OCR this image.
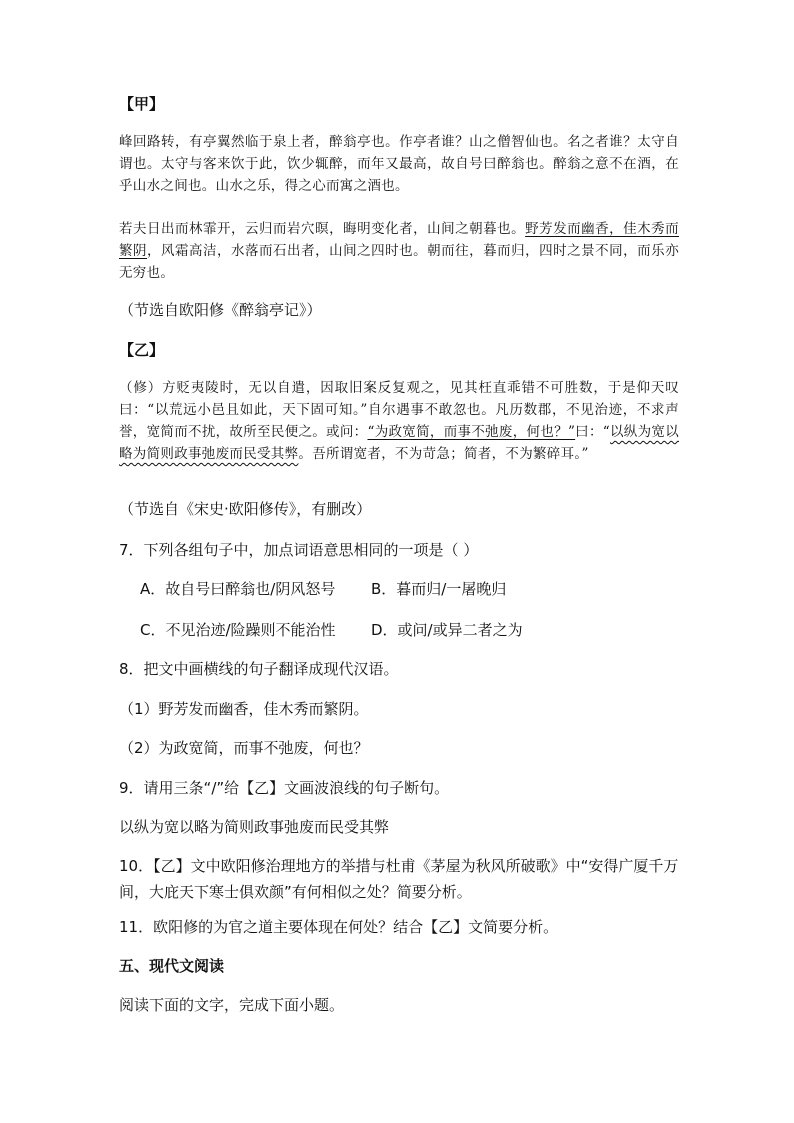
【甲】

峰回路转，有亭翼然临于泉上者，醉翁亭也。作亭者谁？山之僧智仙也。名之者谁？太守自谓也。太守与客来饮于此，饮少辄醉，而年又最高，故自号曰醉翁也。醉翁之意不在酒，在乎山水之间也。山水之乐，得之心而寓之酒也。

若夫日出而林霏开，云归而岩穴暝，晦明变化者，山间之朝暮也。野芳发而幽香，佳木秀而繁阴，风霜高洁，水落而石出者，山间之四时也。朝而往，暮而归，四时之景不同，而乐亦无穷也。

（节选自欧阳修《醉翁亭记》）
【乙】

（修）方贬夷陵时，无以自遣，因取旧案反复观之，见其枉直乖错不可胜数，于是仰天叹曰：“以荒远小邑且如此，天下固可知。”自尔遇事不敢忽也。凡历数郡，不见治迹，不求声誉，宽简而不扰，故所至民便之。或问：“为政宽简，而事不弛废，何也？”曰：“以纵为宽以略为简则政事弛废而民受其弊。吾所谓宽者，不为苛急；简者，不为繁碎耳。”

（节选自《宋史·欧阳修传》，有删改）
7．下列各组句子中，加点词语意思相同的一项是（ ）
A．故自号曰醉翁也/阴风怒号 B．暮而归/一屠晚归
C．不见治迹/险躁则不能治性 D．或问/或异二者之为
8．把文中画横线的句子翻译成现代汉语。
（1）野芳发而幽香，佳木秀而繁阴。
（2）为政宽简，而事不弛废，何也？
9．请用三条“/”给【乙】文画波浪线的句子断句。
以纵为宽以略为简则政事弛废而民受其弊
10．【乙】文中欧阳修治理地方的举措与杜甫《茅屋为秋风所破歌》中“安得广厦千万间，大庇天下寒士俱欢颜”有何相似之处？简要分析。
11．欧阳修的为官之道主要体现在何处？结合【乙】文简要分析。
五、现代文阅读
阅读下面的文字，完成下面小题。
